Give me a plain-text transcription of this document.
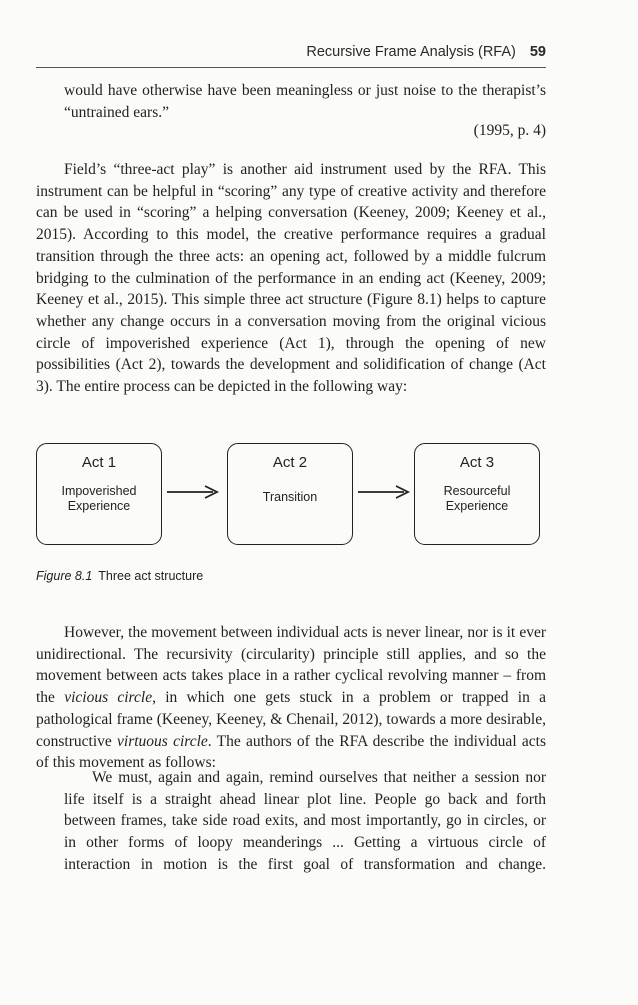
Recursive Frame Analysis (RFA) 59
would have otherwise have been meaningless or just noise to the therapist’s “untrained ears.”
(1995, p. 4)
Field’s “three-act play” is another aid instrument used by the RFA. This instrument can be helpful in “scoring” any type of creative activity and therefore can be used in “scoring” a helping conversation (Keeney, 2009; Keeney et al., 2015). According to this model, the creative performance requires a gradual transition through the three acts: an opening act, followed by a middle fulcrum bridging to the culmination of the performance in an ending act (Keeney, 2009; Keeney et al., 2015). This simple three act structure (Figure 8.1) helps to capture whether any change occurs in a conversation moving from the original vicious circle of impoverished experience (Act 1), through the opening of new possibilities (Act 2), towards the development and solidification of change (Act 3). The entire process can be depicted in the following way:
Act 1
Impoverished
Experience
Act 2
Transition
Act 3
Resourceful
Experience
Figure 8.1 Three act structure
However, the movement between individual acts is never linear, nor is it ever unidirectional. The recursivity (circularity) principle still applies, and so the movement between acts takes place in a rather cyclical revolving manner – from the vicious circle, in which one gets stuck in a problem or trapped in a pathological frame (Keeney, Keeney, & Chenail, 2012), towards a more desirable, constructive virtuous circle. The authors of the RFA describe the individual acts of this movement as follows:
We must, again and again, remind ourselves that neither a session nor life itself is a straight ahead linear plot line. People go back and forth between frames, take side road exits, and most importantly, go in circles, or in other forms of loopy meanderings ... Getting a virtuous circle of interaction in motion is the first goal of transformation and change.
